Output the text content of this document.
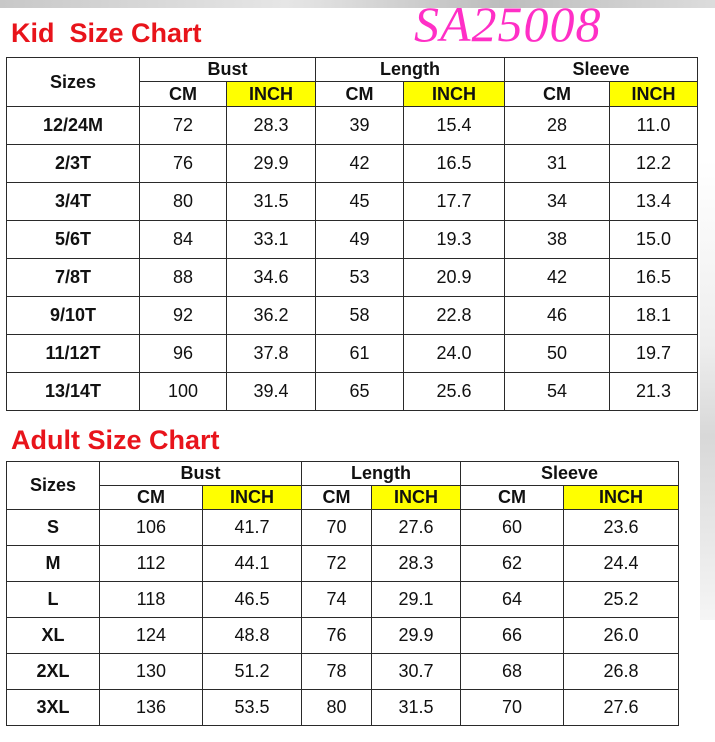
Kid  Size Chart	SA25008
Sizes	Bust		Length		Sleeve	
	CM	INCH	CM	INCH	CM	INCH
12/24M	72	28.3	39	15.4	28	11.0
2/3T	76	29.9	42	16.5	31	12.2
3/4T	80	31.5	45	17.7	34	13.4
5/6T	84	33.1	49	19.3	38	15.0
7/8T	88	34.6	53	20.9	42	16.5
9/10T	92	36.2	58	22.8	46	18.1
11/12T	96	37.8	61	24.0	50	19.7
13/14T	100	39.4	65	25.6	54	21.3
Adult Size Chart
Sizes	Bust		Length		Sleeve	
	CM	INCH	CM	INCH	CM	INCH
S	106	41.7	70	27.6	60	23.6
M	112	44.1	72	28.3	62	24.4
L	118	46.5	74	29.1	64	25.2
XL	124	48.8	76	29.9	66	26.0
2XL	130	51.2	78	30.7	68	26.8
3XL	136	53.5	80	31.5	70	27.6
